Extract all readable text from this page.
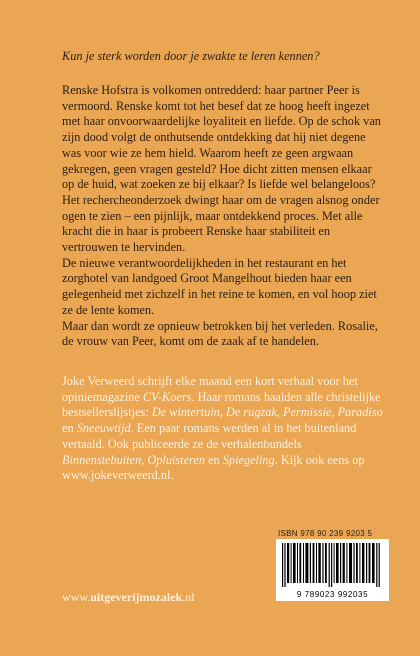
Kun je sterk worden door je zwakte te leren kennen?

Renske Hofstra is volkomen ontredderd: haar partner Peer is vermoord. Renske komt tot het besef dat ze hoog heeft ingezet met haar onvoorwaardelijke loyaliteit en liefde. Op de schok van zijn dood volgt de onthutsende ontdekking dat hij niet degene was voor wie ze hem hield. Waarom heeft ze geen argwaan gekregen, geen vragen gesteld? Hoe dicht zitten mensen elkaar op de huid, wat zoeken ze bij elkaar? Is liefde wel belangeloos?

Het rechercheonderzoek dwingt haar om de vragen alsnog onder ogen te zien – een pijnlijk, maar ontdekkend proces. Met alle kracht die in haar is probeert Renske haar stabiliteit en vertrouwen te hervinden.

De nieuwe verantwoordelijkheden in het restaurant en het zorghotel van landgoed Groot Mangelhout bieden haar een gelegenheid met zichzelf in het reine te komen, en vol hoop ziet ze de lente komen.

Maar dan wordt ze opnieuw betrokken bij het verleden. Rosalie, de vrouw van Peer, komt om de zaak af te handelen.

Joke Verweerd schrijft elke maand een kort verhaal voor het opiniemagazine CV-Koers. Haar romans haalden alle christelijke bestsellerslijstjes: De wintertuin, De rugzak, Permissie, Paradiso en Sneeuwtijd. Een paar romans werden al in het buitenland vertaald. Ook publiceerde ze de verhalenbundels Binnenstebuiten, Opluisteren en Spiegeling. Kijk ook eens op www.jokeverweerd.nl.
ISBN 978 90 239 9203 5
9 789023 992035
www.uitgeverijmozaiek.nl
